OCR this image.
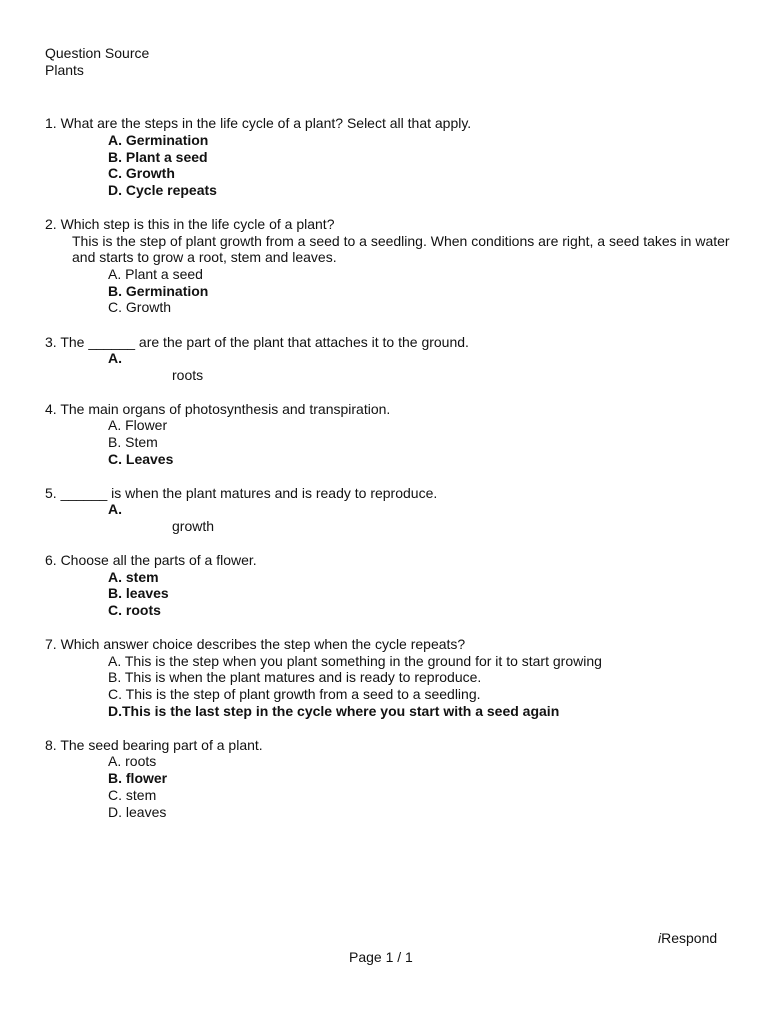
Question Source
Plants
1. What are the steps in the life cycle of a plant? Select all that apply.
A. Germination
B. Plant a seed
C. Growth
D. Cycle repeats
2. Which step is this in the life cycle of a plant?
This is the step of plant growth from a seed to a seedling. When conditions are right, a seed takes in water
and starts to grow a root, stem and leaves.
A. Plant a seed
B. Germination
C. Growth
3. The ______ are the part of the plant that attaches it to the ground.
A.
roots
4. The main organs of photosynthesis and transpiration.
A. Flower
B. Stem
C. Leaves
5. ______ is when the plant matures and is ready to reproduce.
A.
growth
6. Choose all the parts of a flower.
A. stem
B. leaves
C. roots
7. Which answer choice describes the step when the cycle repeats?
A. This is the step when you plant something in the ground for it to start growing
B. This is when the plant matures and is ready to reproduce.
C. This is the step of plant growth from a seed to a seedling.
D.This is the last step in the cycle where you start with a seed again
8. The seed bearing part of a plant.
A. roots
B. flower
C. stem
D. leaves
iRespond
Page 1 / 1
